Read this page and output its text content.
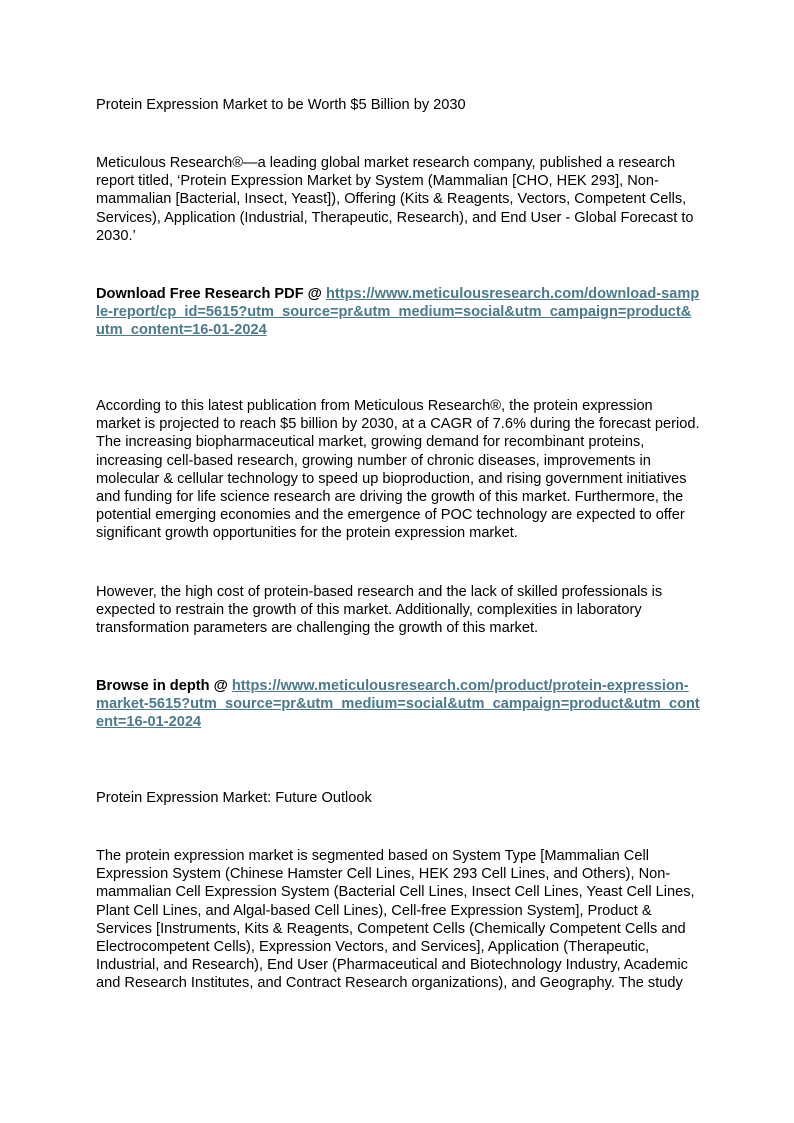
Protein Expression Market to be Worth $5 Billion by 2030

Meticulous Research®—a leading global market research company, published a research report titled, ‘Protein Expression Market by System (Mammalian [CHO, HEK 293], Non-mammalian [Bacterial, Insect, Yeast]), Offering (Kits & Reagents, Vectors, Competent Cells, Services), Application (Industrial, Therapeutic, Research), and End User - Global Forecast to 2030.’

Download Free Research PDF @ https://www.meticulousresearch.com/download-sample-report/cp_id=5615?utm_source=pr&utm_medium=social&utm_campaign=product&utm_content=16-01-2024

According to this latest publication from Meticulous Research®, the protein expression market is projected to reach $5 billion by 2030, at a CAGR of 7.6% during the forecast period. The increasing biopharmaceutical market, growing demand for recombinant proteins, increasing cell-based research, growing number of chronic diseases, improvements in molecular & cellular technology to speed up bioproduction, and rising government initiatives and funding for life science research are driving the growth of this market. Furthermore, the potential emerging economies and the emergence of POC technology are expected to offer significant growth opportunities for the protein expression market.

However, the high cost of protein-based research and the lack of skilled professionals is expected to restrain the growth of this market. Additionally, complexities in laboratory transformation parameters are challenging the growth of this market.

Browse in depth @ https://www.meticulousresearch.com/product/protein-expression-market-5615?utm_source=pr&utm_medium=social&utm_campaign=product&utm_content=16-01-2024

Protein Expression Market: Future Outlook

The protein expression market is segmented based on System Type [Mammalian Cell Expression System (Chinese Hamster Cell Lines, HEK 293 Cell Lines, and Others), Non-mammalian Cell Expression System (Bacterial Cell Lines, Insect Cell Lines, Yeast Cell Lines, Plant Cell Lines, and Algal-based Cell Lines), Cell-free Expression System], Product & Services [Instruments, Kits & Reagents, Competent Cells (Chemically Competent Cells and Electrocompetent Cells), Expression Vectors, and Services], Application (Therapeutic, Industrial, and Research), End User (Pharmaceutical and Biotechnology Industry, Academic and Research Institutes, and Contract Research organizations), and Geography. The study
